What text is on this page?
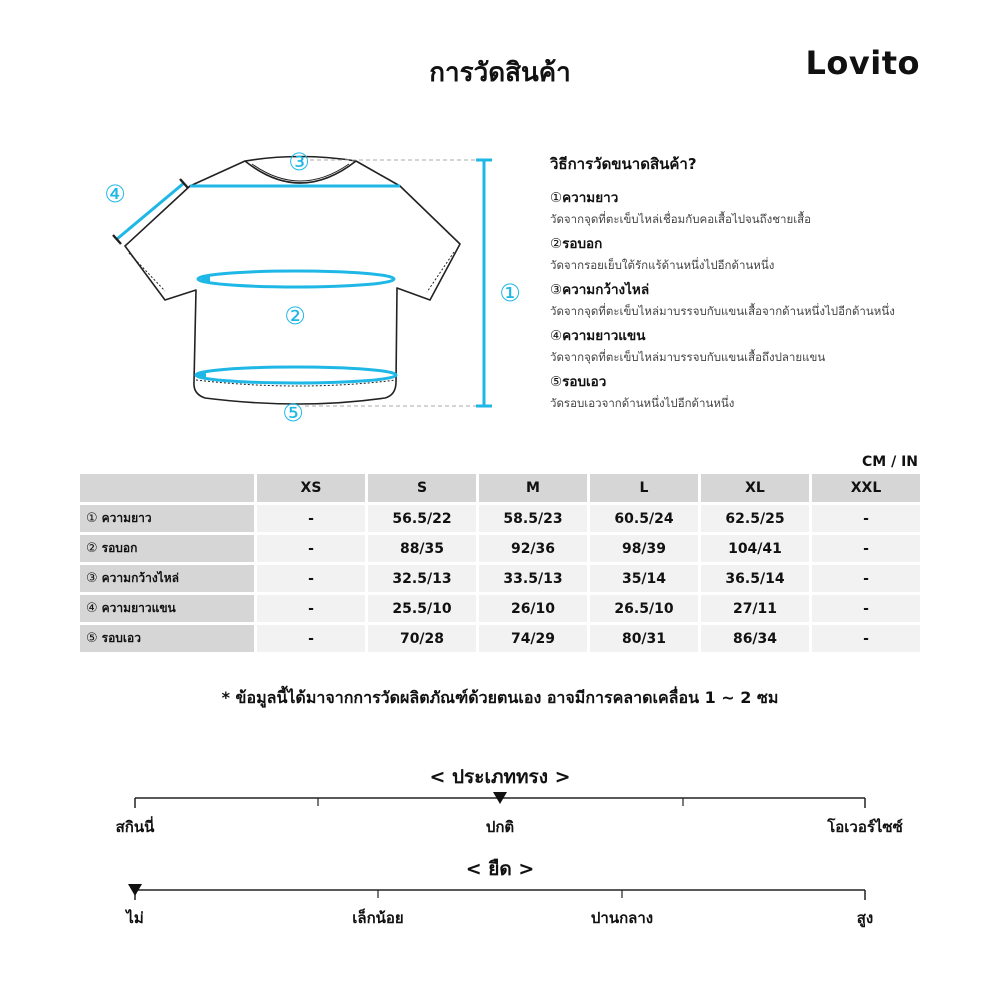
การวัดสินค้า	Lovito
③
①
②
④
⑤
วิธีการวัดขนาดสินค้า?
①ความยาว
วัดจากจุดที่ตะเข็บไหล่เชื่อมกับคอเสื้อไปจนถึงชายเสื้อ
②รอบอก
วัดจากรอยเย็บใต้รักแร้ด้านหนึ่งไปอีกด้านหนึ่ง
③ความกว้างไหล่
วัดจากจุดที่ตะเข็บไหล่มาบรรจบกับแขนเสื้อจากด้านหนึ่งไปอีกด้านหนึ่ง
④ความยาวแขน
วัดจากจุดที่ตะเข็บไหล่มาบรรจบกับแขนเสื้อถึงปลายแขน
⑤รอบเอว
วัดรอบเอวจากด้านหนึ่งไปอีกด้านหนึ่ง
CM / IN
	XS	S	M	L	XL	XXL
① ความยาว	-	56.5/22	58.5/23	60.5/24	62.5/25	-
② รอบอก	-	88/35	92/36	98/39	104/41	-
③ ความกว้างไหล่	-	32.5/13	33.5/13	35/14	36.5/14	-
④ ความยาวแขน	-	25.5/10	26/10	26.5/10	27/11	-
⑤ รอบเอว	-	70/28	74/29	80/31	86/34	-
* ข้อมูลนี้ได้มาจากการวัดผลิตภัณฑ์ด้วยตนเอง อาจมีการคลาดเคลื่อน 1 ~ 2 ซม
< ประเภททรง >
สกินนี่	ปกติ	โอเวอร์ไซซ์
< ยืด >
ไม่	เล็กน้อย	ปานกลาง	สูง
